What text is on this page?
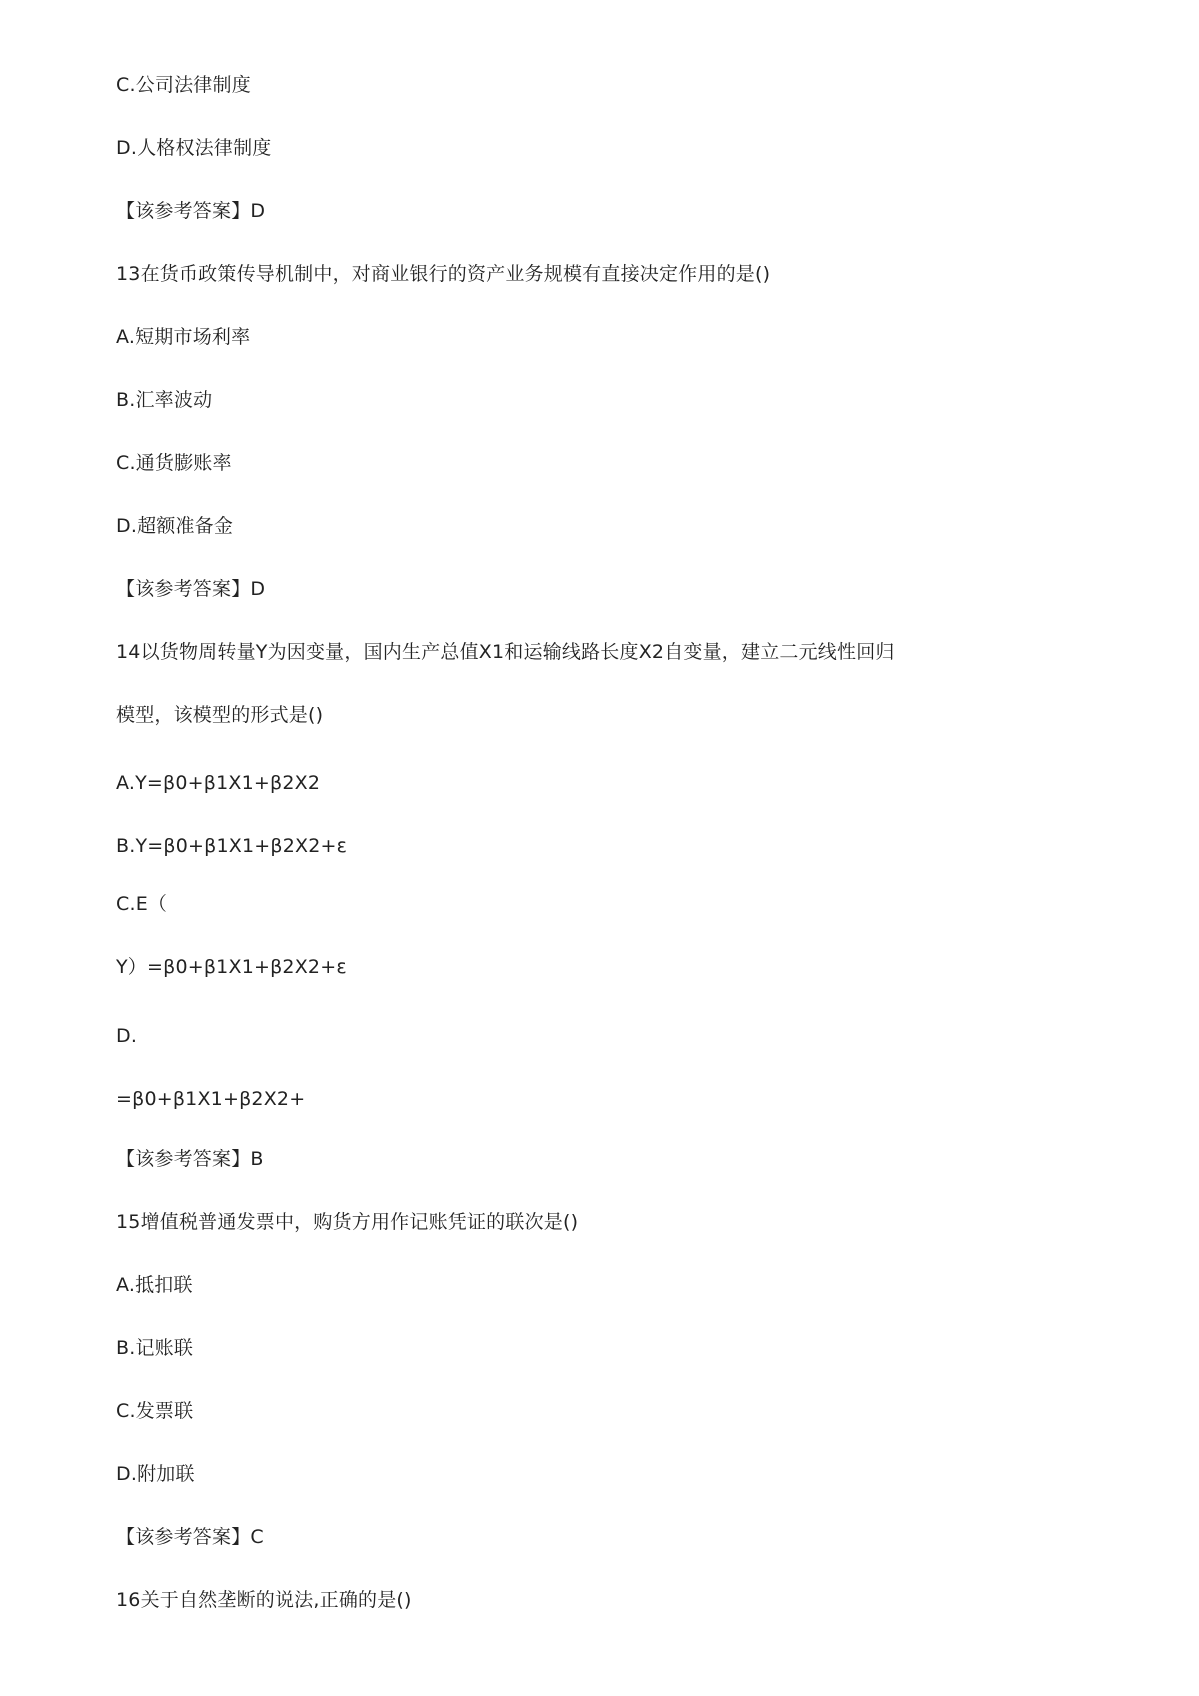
C.公司法律制度
D.人格权法律制度
【该参考答案】D
13在货币政策传导机制中，对商业银行的资产业务规模有直接决定作用的是()
A.短期市场利率
B.汇率波动
C.通货膨账率
D.超额准备金
【该参考答案】D
14以货物周转量Y为因变量，国内生产总值X1和运输线路长度X2自变量，建立二元线性回归
模型，该模型的形式是()
A.Y=β0+β1X1+β2X2
B.Y=β0+β1X1+β2X2+ε
C.E（
Y）=β0+β1X1+β2X2+ε
D.
=β0+β1X1+β2X2+
【该参考答案】B
15增值税普通发票中，购货方用作记账凭证的联次是()
A.抵扣联
B.记账联
C.发票联
D.附加联
【该参考答案】C
16关于自然垄断的说法,正确的是()
